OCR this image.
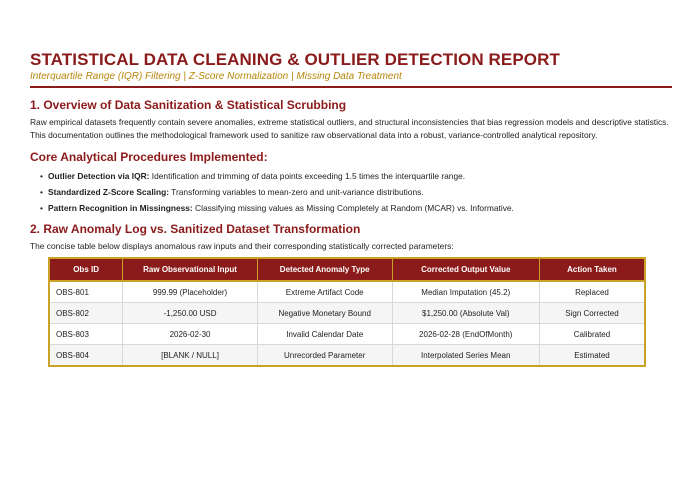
STATISTICAL DATA CLEANING & OUTLIER DETECTION REPORT
Interquartile Range (IQR) Filtering | Z-Score Normalization | Missing Data Treatment
1. Overview of Data Sanitization & Statistical Scrubbing

Raw empirical datasets frequently contain severe anomalies, extreme statistical outliers, and structural inconsistencies that bias regression models and descriptive statistics. This documentation outlines the methodological framework used to sanitize raw observational data into a robust, variance-controlled analytical repository.

Core Analytical Procedures Implemented:
• Outlier Detection via IQR: Identification and trimming of data points exceeding 1.5 times the interquartile range.
• Standardized Z-Score Scaling: Transforming variables to mean-zero and unit-variance distributions.
• Pattern Recognition in Missingness: Classifying missing values as Missing Completely at Random (MCAR) vs. Informative.
2. Raw Anomaly Log vs. Sanitized Dataset Transformation
The concise table below displays anomalous raw inputs and their corresponding statistically corrected parameters:
Obs ID	Raw Observational Input	Detected Anomaly Type	Corrected Output Value	Action Taken
OBS-801	999.99 (Placeholder)	Extreme Artifact Code	Median Imputation (45.2)	Replaced
OBS-802	-1,250.00 USD	Negative Monetary Bound	$1,250.00 (Absolute Val)	Sign Corrected
OBS-803	2026-02-30	Invalid Calendar Date	2026-02-28 (EndOfMonth)	Calibrated
OBS-804	[BLANK / NULL]	Unrecorded Parameter	Interpolated Series Mean	Estimated
